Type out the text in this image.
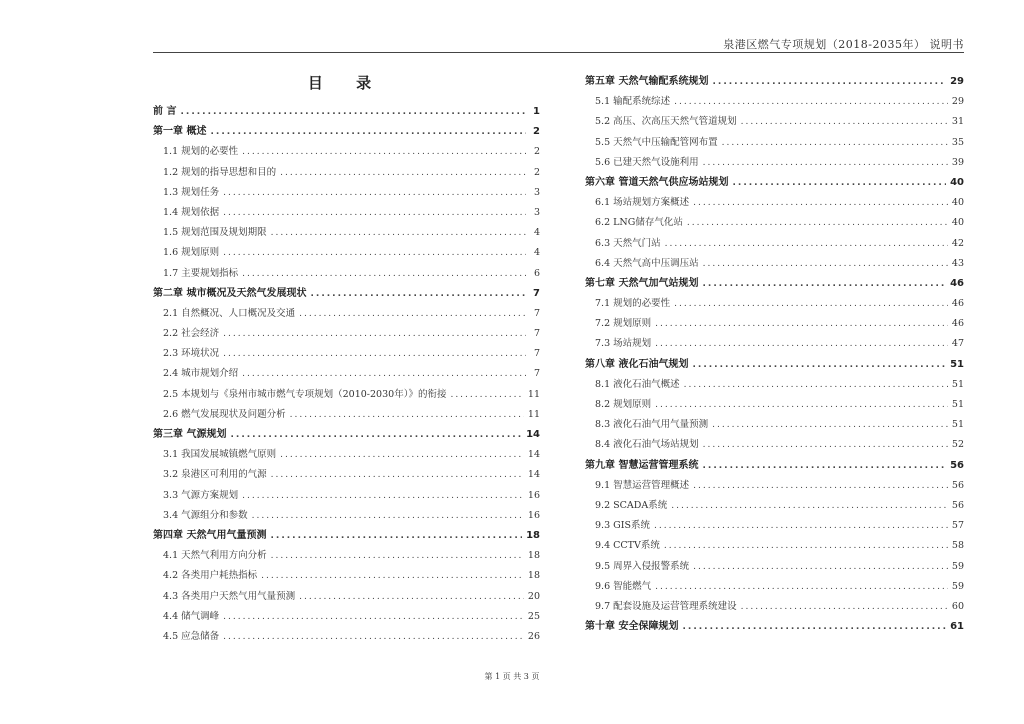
泉港区燃气专项规划（2018-2035年） 说明书
目 录
前 言 .....	1
第一章 概述 .....	2
1.1 规划的必要性 .....	2
1.2 规划的指导思想和目的 .....	2
1.3 规划任务 .....	3
1.4 规划依据 .....	3
1.5 规划范围及规划期限 .....	4
1.6 规划原则 .....	4
1.7 主要规划指标 .....	6
第二章 城市概况及天然气发展现状 .....	7
2.1 自然概况、人口概况及交通 .....	7
2.2 社会经济 .....	7
2.3 环境状况 .....	7
2.4 城市规划介绍 .....	7
2.5 本规划与《泉州市城市燃气专项规划（2010-2030年）》的衔接 .....	11
2.6 燃气发展现状及问题分析 .....	11
第三章 气源规划 .....	14
3.1 我国发展城镇燃气原则 .....	14
3.2 泉港区可利用的气源 .....	14
3.3 气源方案规划 .....	16
3.4 气源组分和参数 .....	16
第四章 天然气用气量预测 .....	18
4.1 天然气利用方向分析 .....	18
4.2 各类用户耗热指标 .....	18
4.3 各类用户天然气用气量预测 .....	20
4.4 储气调峰 .....	25
4.5 应急储备 .....	26
第五章 天然气输配系统规划 .....	29
5.1 输配系统综述 .....	29
5.2 高压、次高压天然气管道规划 .....	31
5.5 天然气中压输配管网布置 .....	35
5.6 已建天然气设施利用 .....	39
第六章 管道天然气供应场站规划 .....	40
6.1 场站规划方案概述 .....	40
6.2 LNG储存气化站 .....	40
6.3 天然气门站 .....	42
6.4 天然气高中压调压站 .....	43
第七章 天然气加气站规划 .....	46
7.1 规划的必要性 .....	46
7.2 规划原则 .....	46
7.3 场站规划 .....	47
第八章 液化石油气规划 .....	51
8.1 液化石油气概述 .....	51
8.2 规划原则 .....	51
8.3 液化石油气用气量预测 .....	51
8.4 液化石油气场站规划 .....	52
第九章 智慧运营管理系统 .....	56
9.1 智慧运营管理概述 .....	56
9.2 SCADA系统 .....	56
9.3 GIS系统 .....	57
9.4 CCTV系统 .....	58
9.5 周界入侵报警系统 .....	59
9.6 智能燃气 .....	59
9.7 配套设施及运营管理系统建设 .....	60
第十章 安全保障规划 .....	61
第 1 页 共 3 页
